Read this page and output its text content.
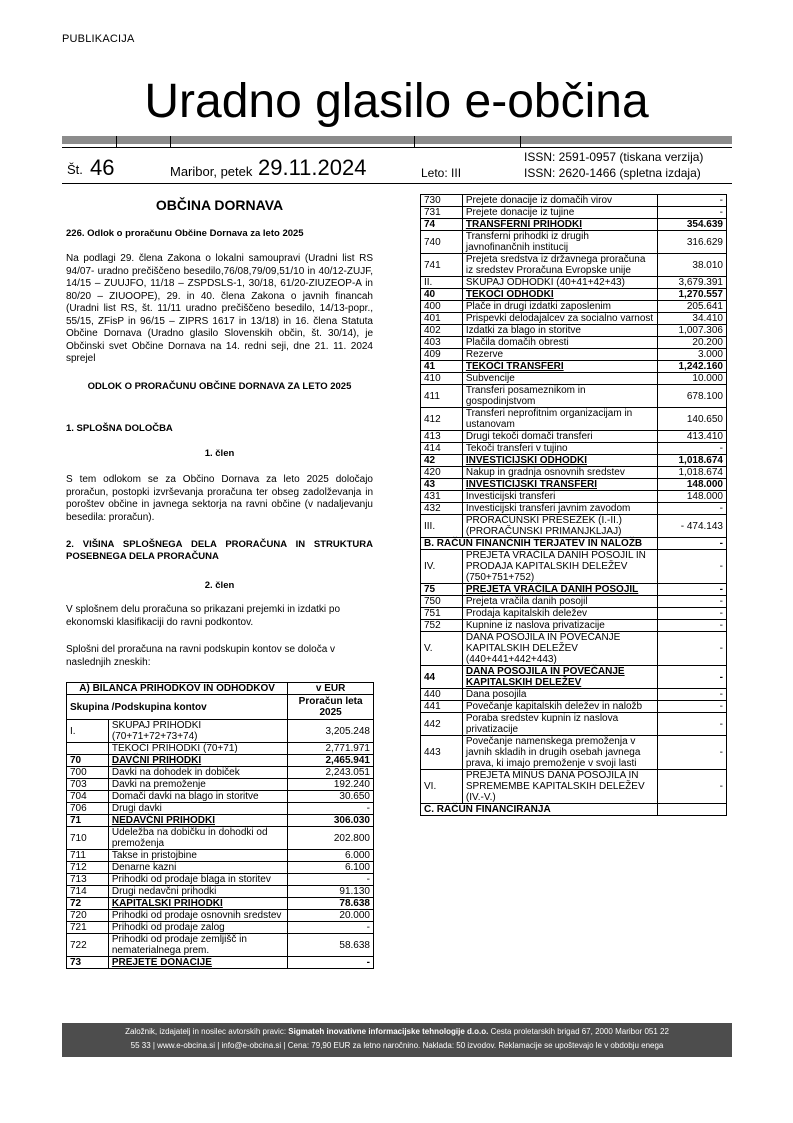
PUBLIKACIJA
Uradno glasilo e-občina
Št. 46	Maribor, petek 29.11.2024	Leto: III
ISSN: 2591-0957 (tiskana verzija)
ISSN: 2620-1466 (spletna izdaja)
OBČINA DORNAVA
226. Odlok o proračunu Občine Dornava za leto 2025
Na podlagi 29. člena Zakona o lokalni samoupravi (Uradni list RS 94/07- uradno prečiščeno besedilo,76/08,79/09,51/10 in 40/12-ZUJF, 14/15 – ZUUJFO, 11/18 – ZSPDSLS-1, 30/18, 61/20-ZIUZEOP-A in 80/20 – ZIUOOPE), 29. in 40. člena Zakona o javnih financah (Uradni list RS, št. 11/11 uradno prečiščeno besedilo, 14/13-popr., 55/15, ZFisP in 96/15 – ZIPRS 1617 in 13/18) in 16. člena Statuta Občine Dornava (Uradno glasilo Slovenskih občin, št. 30/14), je Občinski svet Občine Dornava na 14. redni seji, dne 21. 11. 2024 sprejel
ODLOK O PRORAČUNU OBČINE DORNAVA ZA LETO 2025
1. SPLOŠNA DOLOČBA
1. člen
S tem odlokom se za Občino Dornava za leto 2025 določajo proračun, postopki izvrševanja proračuna ter obseg zadolževanja in poroštev občine in javnega sektorja na ravni občine (v nadaljevanju besedila: proračun).
2. VIŠINA SPLOŠNEGA DELA PRORAČUNA IN STRUKTURA POSEBNEGA DELA PRORAČUNA
2. člen
V splošnem delu proračuna so prikazani prejemki in izdatki po ekonomski klasifikaciji do ravni podkontov.
Splošni del proračuna na ravni podskupin kontov se določa v naslednjih zneskih:
A) BILANCA PRIHODKOV IN ODHODKOV		v EUR
Skupina /Podskupina kontov		Proračun leta 2025
I.	SKUPAJ PRIHODKI (70+71+72+73+74)	3,205.248
	TEKOČI PRIHODKI (70+71)	2,771.971
70	DAVČNI PRIHODKI	2,465.941
700	Davki na dohodek in dobiček	2,243.051
703	Davki na premoženje	192.240
704	Domači davki na blago in storitve	30.650
706	Drugi davki	-
71	NEDAVČNI PRIHODKI	306.030
710	Udeležba na dobičku in dohodki od premoženja	202.800
711	Takse in pristojbine	6.000
712	Denarne kazni	6.100
713	Prihodki od prodaje blaga in storitev	-
714	Drugi nedavčni prihodki	91.130
72	KAPITALSKI PRIHODKI	78.638
720	Prihodki od prodaje osnovnih sredstev	20.000
721	Prihodki od prodaje zalog	-
722	Prihodki od prodaje zemljišč in nematerialnega prem.	58.638
73	PREJETE DONACIJE	-
730	Prejete donacije iz domačih virov	-
731	Prejete donacije iz tujine	-
74	TRANSFERNI PRIHODKI	354.639
740	Transferni prihodki iz drugih javnofinančnih institucij	316.629
741	Prejeta sredstva iz državnega proračuna iz sredstev Proračuna Evropske unije	38.010
II.	SKUPAJ ODHODKI (40+41+42+43)	3,679.391
40	TEKOČI ODHODKI	1,270.557
400	Plače in drugi izdatki zaposlenim	205.641
401	Prispevki delodajalcev za socialno varnost	34.410
402	Izdatki za blago in storitve	1,007.306
403	Plačila domačih obresti	20.200
409	Rezerve	3.000
41	TEKOČI TRANSFERI	1,242.160
410	Subvencije	10.000
411	Transferi posameznikom in gospodinjstvom	678.100
412	Transferi neprofitnim organizacijam in ustanovam	140.650
413	Drugi tekoči domači transferi	413.410
414	Tekoči transferi v tujino	-
42	INVESTICIJSKI ODHODKI	1,018.674
420	Nakup in gradnja osnovnih sredstev	1,018.674
43	INVESTICIJSKI TRANSFERI	148.000
431	Investicijski transferi	148.000
432	Investicijski transferi javnim zavodom	-
III.	PRORAČUNSKI PRESEŽEK (I.-II.) (PRORAČUNSKI PRIMANJKLJAJ)	- 474.143
B. RAČUN FINANČNIH TERJATEV IN NALOŽB		-
IV.	PREJETA VRAČILA DANIH POSOJIL IN PRODAJA KAPITALSKIH DELEŽEV (750+751+752)	-
75	PREJETA VRAČILA DANIH POSOJIL	-
750	Prejeta vračila danih posojil	-
751	Prodaja kapitalskih deležev	-
752	Kupnine iz naslova privatizacije	-
V.	DANA POSOJILA IN POVEČANJE KAPITALSKIH DELEŽEV (440+441+442+443)	-
44	DANA POSOJILA IN POVEČANJE KAPITALSKIH DELEŽEV	-
440	Dana posojila	-
441	Povečanje kapitalskih deležev in naložb	-
442	Poraba sredstev kupnin iz naslova privatizacije	-
443	Povečanje namenskega premoženja v javnih skladih in drugih osebah javnega prava, ki imajo premoženje v svoji lasti	-
VI.	PREJETA MINUS DANA POSOJILA IN SPREMEMBE KAPITALSKIH DELEŽEV (IV.-V.)	-
C. RAČUN FINANCIRANJA		
Založnik, izdajatelj in nosilec avtorskih pravic: Sigmateh inovativne informacijske tehnologije d.o.o. Cesta proletarskih brigad 67, 2000 Maribor 051 22
55 33 | www.e-obcina.si | info@e-obcina.si | Cena: 79,90 EUR za letno naročnino. Naklada: 50 izvodov. Reklamacije se upoštevajo le v obdobju enega
